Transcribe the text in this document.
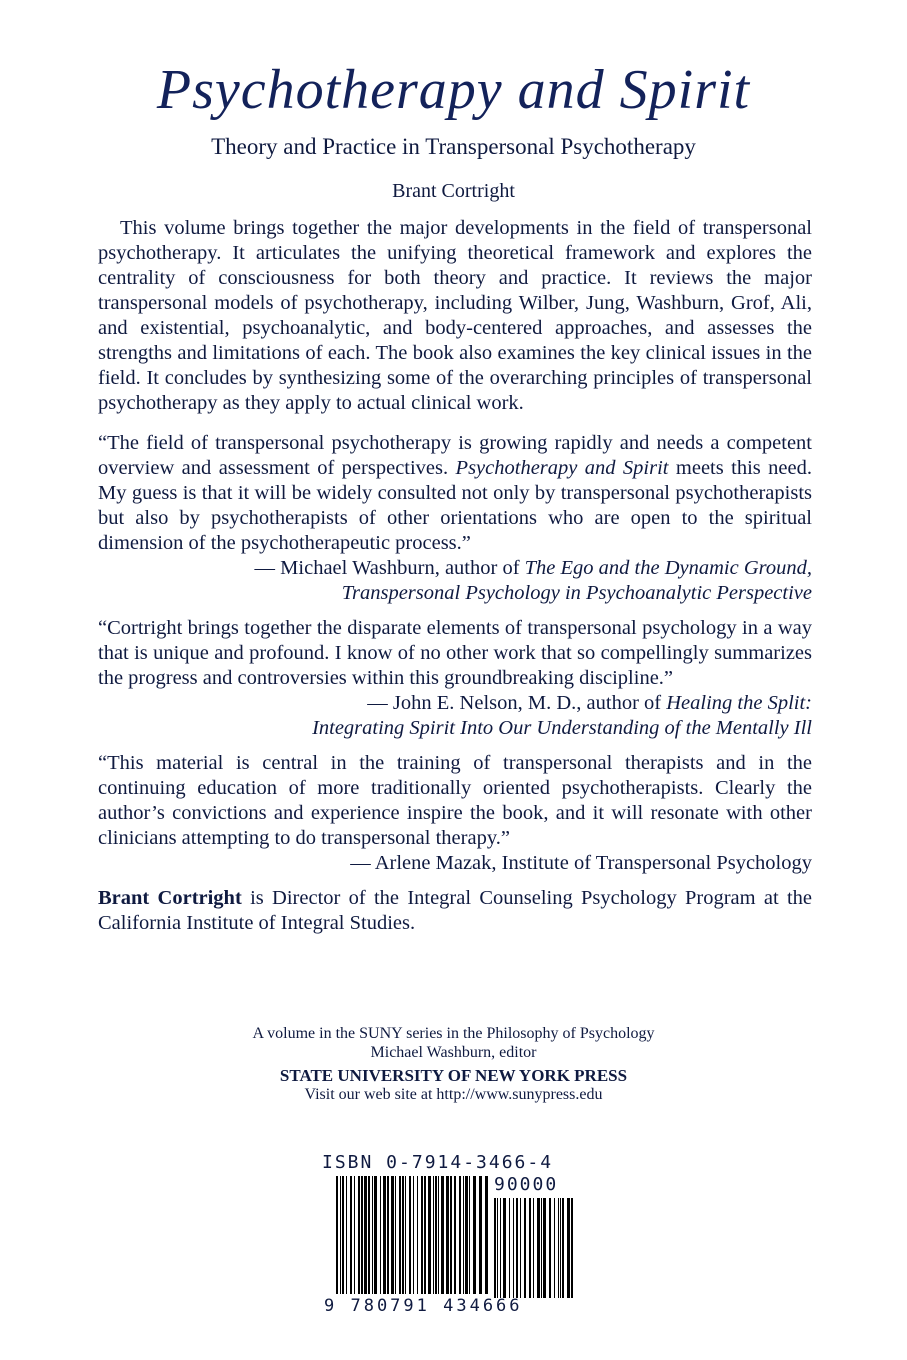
Psychotherapy and Spirit
Theory and Practice in Transpersonal Psychotherapy
Brant Cortright

This volume brings together the major developments in the field of transpersonal psychotherapy. It articulates the unifying theoretical framework and explores the centrality of consciousness for both theory and practice. It reviews the major transpersonal models of psychotherapy, including Wilber, Jung, Washburn, Grof, Ali, and existential, psychoanalytic, and body-centered approaches, and assesses the strengths and limitations of each. The book also examines the key clinical issues in the field. It concludes by synthesizing some of the overarching principles of transpersonal psychotherapy as they apply to actual clinical work.

“The field of transpersonal psychotherapy is growing rapidly and needs a competent overview and assessment of perspectives. Psychotherapy and Spirit meets this need. My guess is that it will be widely consulted not only by transpersonal psychotherapists but also by psychotherapists of other orientations who are open to the spiritual dimension of the psychotherapeutic process.”

— Michael Washburn, author of The Ego and the Dynamic Ground,
Transpersonal Psychology in Psychoanalytic Perspective

“Cortright brings together the disparate elements of transpersonal psychology in a way that is unique and profound. I know of no other work that so compellingly summarizes the progress and controversies within this groundbreaking discipline.”

— John E. Nelson, M. D., author of Healing the Split:
Integrating Spirit Into Our Understanding of the Mentally Ill

“This material is central in the training of transpersonal therapists and in the continuing education of more traditionally oriented psychotherapists. Clearly the author’s convictions and experience inspire the book, and it will resonate with other clinicians attempting to do transpersonal therapy.”

— Arlene Mazak, Institute of Transpersonal Psychology

Brant Cortright is Director of the Integral Counseling Psychology Program at the California Institute of Integral Studies.

A volume in the SUNY series in the Philosophy of Psychology
Michael Washburn, editor
STATE UNIVERSITY OF NEW YORK PRESS
Visit our web site at http://www.sunypress.edu
ISBN 0-7914-3466-4
90000
9 780791 434666
